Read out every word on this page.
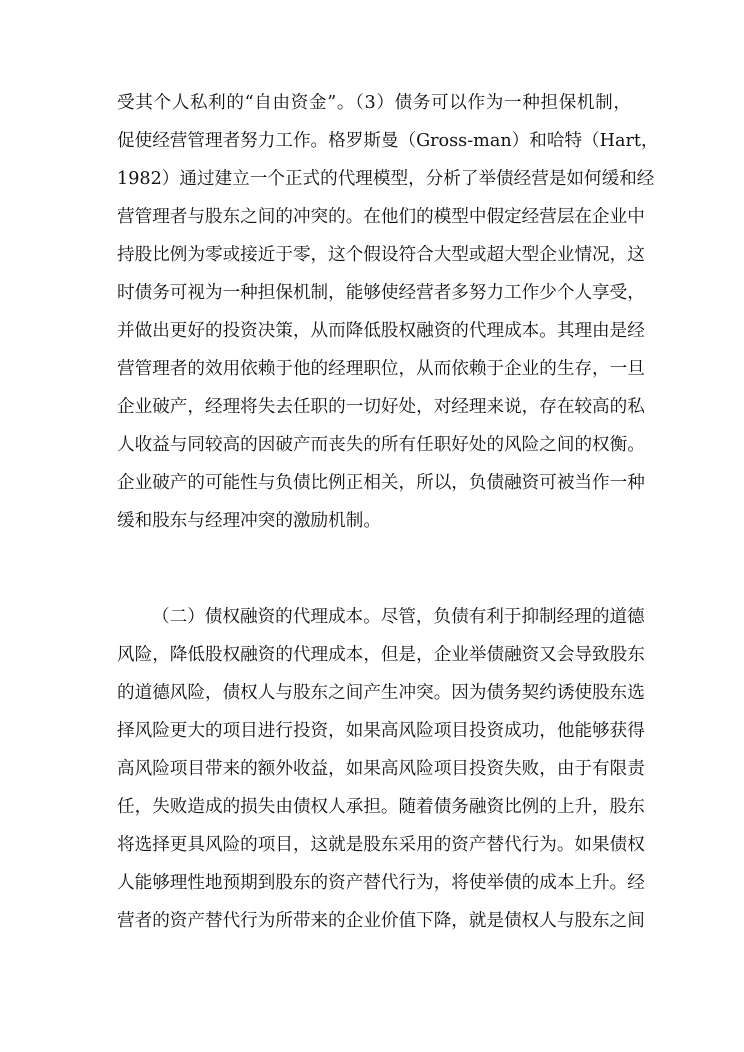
受其个人私利的“自由资金”。（3）债务可以作为一种担保机制，
促使经营管理者努力工作。格罗斯曼（Gross-man）和哈特（Hart，
1982）通过建立一个正式的代理模型，分析了举债经营是如何缓和经
营管理者与股东之间的冲突的。在他们的模型中假定经营层在企业中
持股比例为零或接近于零，这个假设符合大型或超大型企业情况，这
时债务可视为一种担保机制，能够使经营者多努力工作少个人享受，
并做出更好的投资决策，从而降低股权融资的代理成本。其理由是经
营管理者的效用依赖于他的经理职位，从而依赖于企业的生存，一旦
企业破产，经理将失去任职的一切好处，对经理来说，存在较高的私
人收益与同较高的因破产而丧失的所有任职好处的风险之间的权衡。
企业破产的可能性与负债比例正相关，所以，负债融资可被当作一种
缓和股东与经理冲突的激励机制。
（二）债权融资的代理成本。尽管，负债有利于抑制经理的道德
风险，降低股权融资的代理成本，但是，企业举债融资又会导致股东
的道德风险，债权人与股东之间产生冲突。因为债务契约诱使股东选
择风险更大的项目进行投资，如果高风险项目投资成功，他能够获得
高风险项目带来的额外收益，如果高风险项目投资失败，由于有限责
任，失败造成的损失由债权人承担。随着债务融资比例的上升，股东
将选择更具风险的项目，这就是股东采用的资产替代行为。如果债权
人能够理性地预期到股东的资产替代行为，将使举债的成本上升。经
营者的资产替代行为所带来的企业价值下降，就是债权人与股东之间
